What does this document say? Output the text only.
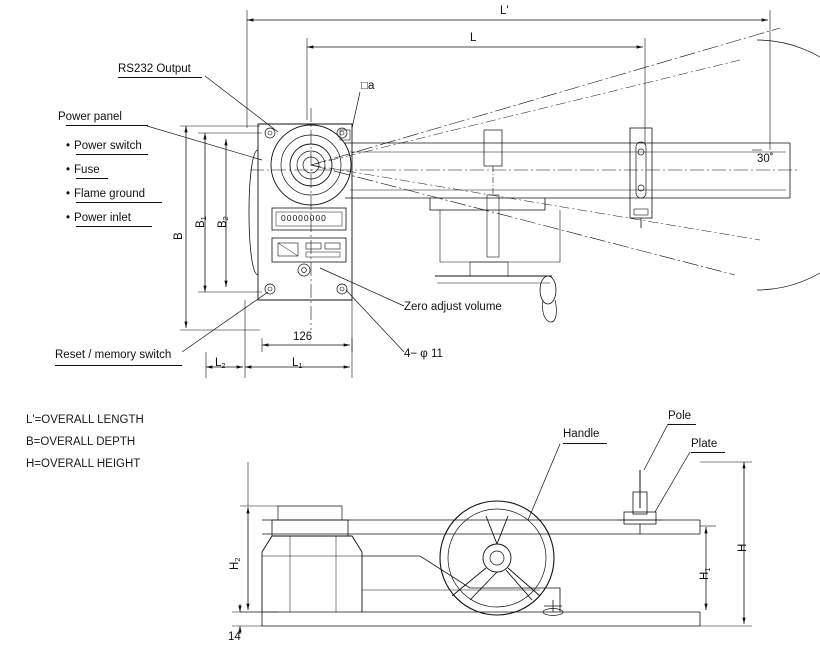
L'
L
RS232 Output
Power panel
• Power switch
• Fuse
• Flame ground
• Power inlet
□a
30˚
B
$B_1$
$B_2$
126
$L_2$	$L_1$
Zero adjust volume
4− φ 11
Reset / memory switch
00000000
L'=OVERALL LENGTH
B=OVERALL DEPTH
H=OVERALL HEIGHT
Handle
Pole
Plate
H
$H_1$
$H_2$
14
